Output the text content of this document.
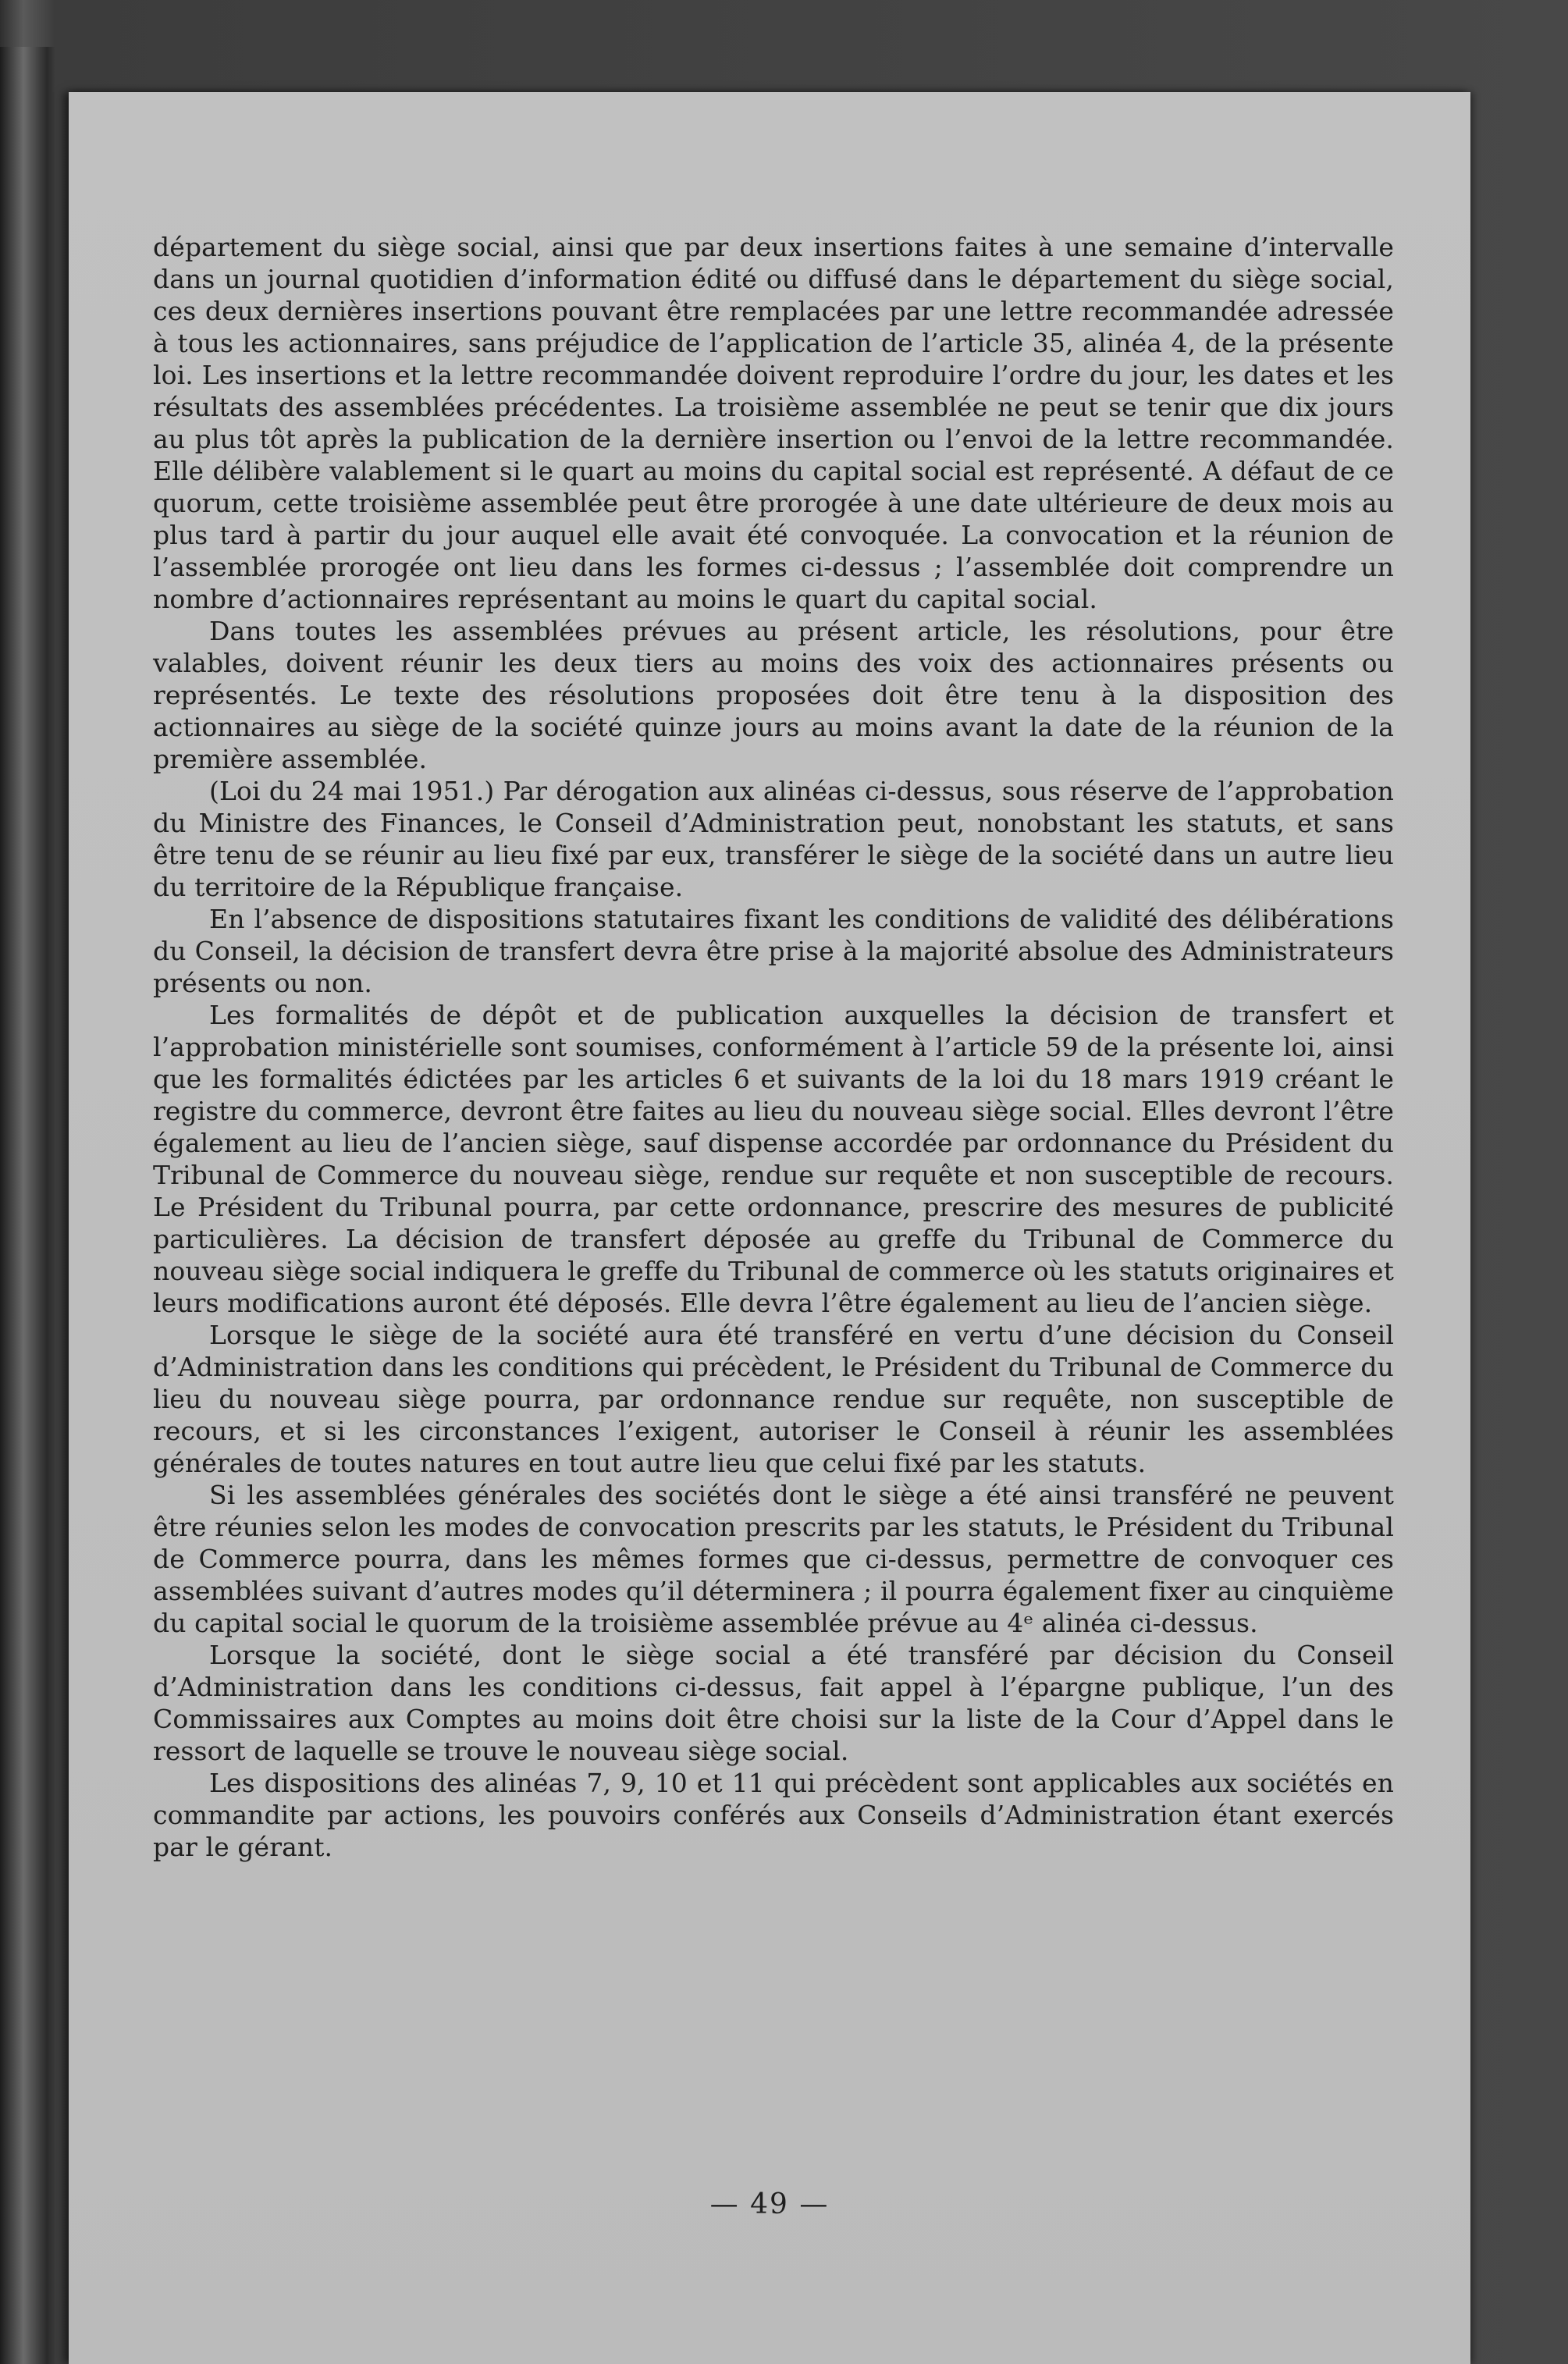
département du siège social, ainsi que par deux insertions faites à une semaine d’intervalle dans un journal quotidien d’information édité ou diffusé dans le département du siège social, ces deux dernières insertions pouvant être remplacées par une lettre recommandée adressée à tous les actionnaires, sans préjudice de l’application de l’article 35, alinéa 4, de la présente loi. Les insertions et la lettre recommandée doivent reproduire l’ordre du jour, les dates et les résultats des assemblées précédentes. La troisième assemblée ne peut se tenir que dix jours au plus tôt après la publication de la dernière insertion ou l’envoi de la lettre recommandée. Elle délibère valablement si le quart au moins du capital social est représenté. A défaut de ce quorum, cette troisième assemblée peut être prorogée à une date ultérieure de deux mois au plus tard à partir du jour auquel elle avait été convoquée. La convocation et la réunion de l’assemblée prorogée ont lieu dans les formes ci-dessus ; l’assemblée doit comprendre un nombre d’actionnaires représentant au moins le quart du capital social.

Dans toutes les assemblées prévues au présent article, les résolutions, pour être valables, doivent réunir les deux tiers au moins des voix des actionnaires présents ou représentés. Le texte des résolutions proposées doit être tenu à la disposition des actionnaires au siège de la société quinze jours au moins avant la date de la réunion de la première assemblée.

(Loi du 24 mai 1951.) Par dérogation aux alinéas ci-dessus, sous réserve de l’approbation du Ministre des Finances, le Conseil d’Administration peut, nonobstant les statuts, et sans être tenu de se réunir au lieu fixé par eux, transférer le siège de la société dans un autre lieu du territoire de la République française.

En l’absence de dispositions statutaires fixant les conditions de validité des délibérations du Conseil, la décision de transfert devra être prise à la majorité absolue des Administrateurs présents ou non.

Les formalités de dépôt et de publication auxquelles la décision de transfert et l’approbation ministérielle sont soumises, conformément à l’article 59 de la présente loi, ainsi que les formalités édictées par les articles 6 et suivants de la loi du 18 mars 1919 créant le registre du commerce, devront être faites au lieu du nouveau siège social. Elles devront l’être également au lieu de l’ancien siège, sauf dispense accordée par ordonnance du Président du Tribunal de Commerce du nouveau siège, rendue sur requête et non susceptible de recours. Le Président du Tribunal pourra, par cette ordonnance, prescrire des mesures de publicité particulières. La décision de transfert déposée au greffe du Tribunal de Commerce du nouveau siège social indiquera le greffe du Tribunal de commerce où les statuts originaires et leurs modifications auront été déposés. Elle devra l’être également au lieu de l’ancien siège.

Lorsque le siège de la société aura été transféré en vertu d’une décision du Conseil d’Administration dans les conditions qui précèdent, le Président du Tribunal de Commerce du lieu du nouveau siège pourra, par ordonnance rendue sur requête, non susceptible de recours, et si les circonstances l’exigent, autoriser le Conseil à réunir les assemblées générales de toutes natures en tout autre lieu que celui fixé par les statuts.

Si les assemblées générales des sociétés dont le siège a été ainsi transféré ne peuvent être réunies selon les modes de convocation prescrits par les statuts, le Président du Tribunal de Commerce pourra, dans les mêmes formes que ci-dessus, permettre de convoquer ces assemblées suivant d’autres modes qu’il déterminera ; il pourra également fixer au cinquième du capital social le quorum de la troisième assemblée prévue au 4ᵉ alinéa ci-dessus.

Lorsque la société, dont le siège social a été transféré par décision du Conseil d’Administration dans les conditions ci-dessus, fait appel à l’épargne publique, l’un des Commissaires aux Comptes au moins doit être choisi sur la liste de la Cour d’Appel dans le ressort de laquelle se trouve le nouveau siège social.

Les dispositions des alinéas 7, 9, 10 et 11 qui précèdent sont applicables aux sociétés en commandite par actions, les pouvoirs conférés aux Conseils d’Administration étant exercés par le gérant.

— 49 —
